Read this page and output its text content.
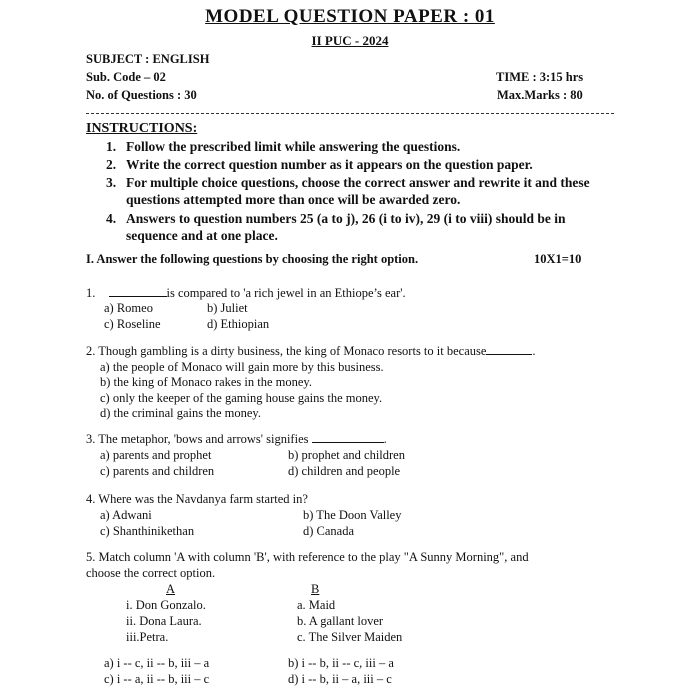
MODEL QUESTION PAPER : 01
II PUC - 2024
SUBJECT : ENGLISH
Sub. Code – 02	TIME : 3:15 hrs
No. of Questions : 30	Max.Marks : 80
INSTRUCTIONS:
1. Follow the prescribed limit while answering the questions.
2. Write the correct question number as it appears on the question paper.
3. For multiple choice questions, choose the correct answer and rewrite it and these questions attempted more than once will be awarded zero.
4. Answers to question numbers 25 (a to j), 26 (i to iv), 29 (i to viii) should be in sequence and at one place.
I. Answer the following questions by choosing the right option.	10X1=10
1.	is compared to 'a rich jewel in an Ethiope’s ear'.
a) Romeo	b) Juliet
c) Roseline	d) Ethiopian
2. Though gambling is a dirty business, the king of Monaco resorts to it because	.
a) the people of Monaco will gain more by this business.
b) the king of Monaco rakes in the money.
c) only the keeper of the gaming house gains the money.
d) the criminal gains the money.
3. The metaphor, 'bows and arrows' signifies	.
a) parents and prophet	b) prophet and children
c) parents and children	d) children and people
4. Where was the Navdanya farm started in?
a) Adwani	b) The Doon Valley
c) Shanthinikethan	d) Canada
5. Match column 'A with column 'B', with reference to the play "A Sunny Morning", and
choose the correct option.
A	B
i. Don Gonzalo.	a. Maid
ii. Dona Laura.	b. A gallant lover
iii.Petra.	c. The Silver Maiden
a) i -- c, ii -- b, iii – a	b) i -- b, ii -- c, iii – a
c) i -- a, ii -- b, iii – c	d) i -- b, ii – a, iii – c
